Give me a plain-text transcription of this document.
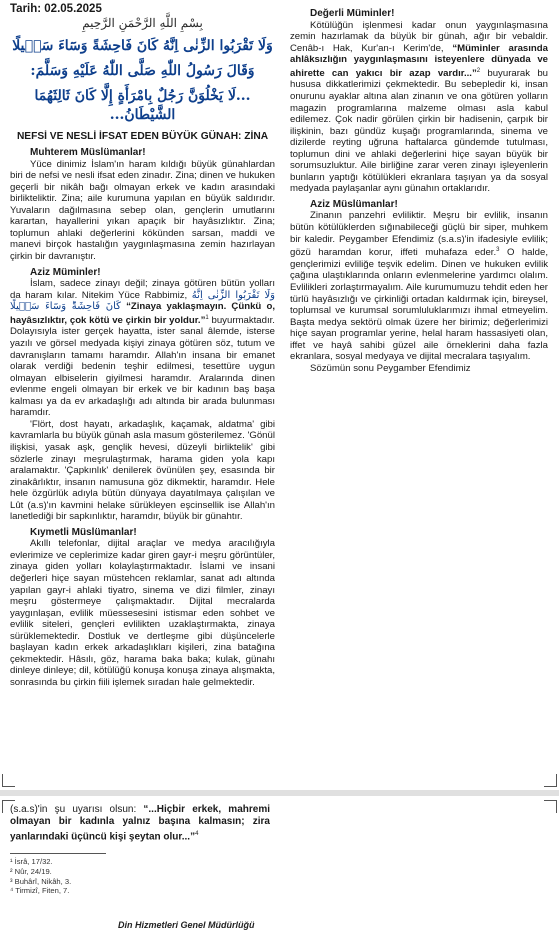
Tarih: 02.05.2025

بِسْمِ اللَّهِ الرَّحْمَنِ الرَّحِيمِ
وَلَا تَقْرَبُوا الزِّنٰى اِنَّهُ كَانَ فَاحِشَةً وَسَٓاءَ سَب۪يلًا
وَقَالَ رَسُولُ اللّٰهِ صَلَّى اللّٰهُ عَلَيْهِ وَسَلَّمَ:
...لَا يَخْلُوَنَّ رَجُلٌ بِامْرَأَةٍ إِلَّا كَانَ ثَالِثَهُمَا الشَّيْطَانُ...
NEFSİ VE NESLİ İFSAT EDEN BÜYÜK GÜNAH: ZİNA
Muhterem Müslümanlar!

Yüce dinimiz İslam'ın haram kıldığı büyük günahlardan biri de nefsi ve nesli ifsat eden zinadır. Zina; dinen ve hukuken geçerli bir nikâh bağı olmayan erkek ve kadın arasındaki birlikteliktir. Zina; aile kurumuna yapılan en büyük saldırıdır. Yuvaların dağılmasına sebep olan, gençlerin umutlarını karartan, hayallerini yıkan apaçık bir hayâsızlıktır. Zina; toplumun ahlaki değerlerini kökünden sarsan, maddi ve manevi birçok hastalığın yaygınlaşmasına zemin hazırlayan çirkin bir davranıştır.

Aziz Müminler!

İslam, sadece zinayı değil; zinaya götüren bütün yolları da haram kılar. Nitekim Yüce Rabbimiz, وَلَا تَقْرَبُوا الزِّنٰى اِنَّهُ كَانَ فَاحِشَةًؕ وَسَٓاءَ سَب۪يلًا “Zinaya yaklaşmayın. Çünkü o, hayâsızlıktır, çok kötü ve çirkin bir yoldur.”$^1$ buyurmaktadır. Dolayısıyla ister gerçek hayatta, ister sanal âlemde, isterse yazılı ve görsel medyada kişiyi zinaya götüren söz, tutum ve davranışların tamamı haramdır. Allah'ın insana bir emanet olarak verdiği bedenin teşhir edilmesi, tesettüre uygun olmayan elbiselerin giyilmesi haramdır. Aralarında dinen evlenme engeli olmayan bir erkek ve bir kadının baş başa kalması ya da ev arkadaşlığı adı altında bir arada bulunması haramdır.

'Flört, dost hayatı, arkadaşlık, kaçamak, aldatma' gibi kavramlarla bu büyük günah asla masum gösterilemez. 'Gönül ilişkisi, yasak aşk, gençlik hevesi, düzeyli birliktelik' gibi sözlerle zinayı meşrulaştırmak, harama giden yola kapı aralamaktır. 'Çapkınlık' denilerek övünülen şey, esasında bir zinakârlıktır, insanın namusuna göz dikmektir, haramdır. Hele hele özgürlük adıyla bütün dünyaya dayatılmaya çalışılan ve Lût (a.s)'ın kavmini helake sürükleyen eşcinsellik ise Allah'ın lanetlediği bir sapkınlıktır, haramdır, büyük bir günahtır.

Kıymetli Müslümanlar!

Akıllı telefonlar, dijital araçlar ve medya aracılığıyla evlerimize ve ceplerimize kadar giren gayr-i meşru görüntüler, zinaya giden yolları kolaylaştırmaktadır. İslami ve insani değerleri hiçe sayan müstehcen reklamlar, sanat adı altında yapılan gayr-i ahlaki tiyatro, sinema ve dizi filmler, zinayı meşru göstermeye çalışmaktadır. Dijital mecralarda yaygınlaşan, evlilik müessesesini istismar eden sohbet ve evlilik siteleri, gençleri evlilikten uzaklaştırmakta, zinaya sürüklemektedir. Dostluk ve dertleşme gibi düşüncelerle başlayan kadın erkek arkadaşlıkları kişileri, zina batağına çekmektedir. Hâsılı, göz, harama baka baka; kulak, günahı dinleye dinleye; dil, kötülüğü konuşa konuşa zinaya alışmakta, sonrasında bu çirkin fiili işlemek sıradan hale gelmektedir.

Değerli Müminler!

Kötülüğün işlenmesi kadar onun yaygınlaşmasına zemin hazırlamak da büyük bir günah, ağır bir vebaldir. Cenâb-ı Hak, Kur'an-ı Kerim'de, “Müminler arasında ahlâksızlığın yaygınlaşmasını isteyenlere dünyada ve ahirette can yakıcı bir azap vardır...”$^2$ buyurarak bu hususa dikkatlerimizi çekmektedir. Bu sebepledir ki, insan onurunu ayaklar altına alan zinanın ve ona götüren yolların magazin programlarına malzeme olması asla kabul edilemez. Çok nadir görülen çirkin bir hadisenin, çarpık bir ilişkinin, bazı gündüz kuşağı programlarında, sinema ve dizilerde reyting uğruna haftalarca gündemde tutulması, toplumun dini ve ahlaki değerlerini hiçe sayan büyük bir sorumsuzluktur. Aile birliğine zarar veren zinayı işleyenlerin bunların yaptığı kötülükleri ekranlara taşıyan ya da sosyal medyada paylaşanlar aynı günahın ortaklarıdır.

Aziz Müslümanlar!

Zinanın panzehri evliliktir. Meşru bir evlilik, insanın bütün kötülüklerden sığınabileceği güçlü bir siper, muhkem bir kaledir. Peygamber Efendimiz (s.a.s)'in ifadesiyle evlilik; gözü haramdan korur, iffeti muhafaza eder.$^3$ O halde, gençlerimizi evliliğe teşvik edelim. Dinen ve hukuken evlilik çağına ulaştıklarında onların evlenmelerine yardımcı olalım. Evlilikleri zorlaştırmayalım. Aile kurumumuzu tehdit eden her türlü hayâsızlığı ve çirkinliği ortadan kaldırmak için, bireysel, toplumsal ve kurumsal sorumluluklarımızı ihmal etmeyelim. Başta medya sektörü olmak üzere her birimiz; değerlerimizi hiçe sayan programlar yerine, helal haram hassasiyeti olan, iffet ve hayâ sahibi güzel aile örneklerini daha fazla ekranlara, sosyal medyaya ve dijital mecralara taşıyalım.

Sözümün sonu Peygamber Efendimiz

(s.a.s)'in şu uyarısı olsun: “...Hiçbir erkek, mahremi olmayan bir kadınla yalnız başına kalmasın; zira yanlarındaki üçüncü kişi şeytan olur...”$^4$
¹ İsrâ, 17/32.
² Nûr, 24/19.
³ Buhârî, Nikâh, 3.
⁴ Tirmizî, Fiten, 7.
Din Hizmetleri Genel Müdürlüğü
